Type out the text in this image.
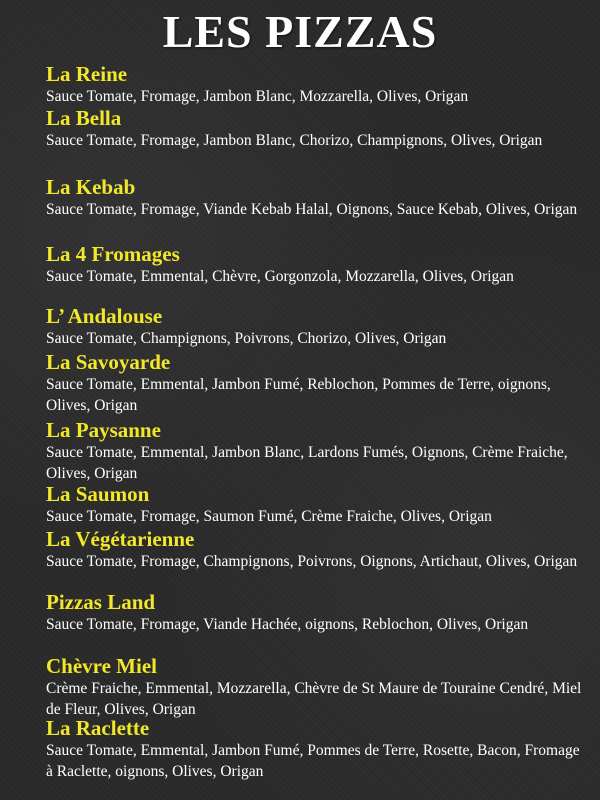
LES PIZZAS
La Reine
Sauce Tomate, Fromage, Jambon Blanc, Mozzarella, Olives, Origan
La Bella
Sauce Tomate, Fromage, Jambon Blanc, Chorizo, Champignons, Olives, Origan
La Kebab
Sauce Tomate, Fromage, Viande Kebab Halal, Oignons, Sauce Kebab, Olives, Origan
La 4 Fromages
Sauce Tomate, Emmental, Chèvre, Gorgonzola, Mozzarella, Olives, Origan
L’ Andalouse
Sauce Tomate, Champignons, Poivrons, Chorizo, Olives, Origan
La Savoyarde
Sauce Tomate, Emmental, Jambon Fumé, Reblochon, Pommes de Terre, oignons, Olives, Origan
La Paysanne
Sauce Tomate, Emmental, Jambon Blanc, Lardons Fumés, Oignons, Crème Fraiche, Olives, Origan
La Saumon
Sauce Tomate, Fromage, Saumon Fumé, Crème Fraiche, Olives, Origan
La Végétarienne
Sauce Tomate, Fromage, Champignons, Poivrons, Oignons, Artichaut, Olives, Origan
Pizzas Land
Sauce Tomate, Fromage, Viande Hachée, oignons, Reblochon, Olives, Origan
Chèvre Miel
Crème Fraiche, Emmental, Mozzarella, Chèvre de St Maure de Touraine Cendré, Miel de Fleur, Olives, Origan
La Raclette
Sauce Tomate, Emmental, Jambon Fumé, Pommes de Terre, Rosette, Bacon, Fromage à Raclette, oignons, Olives, Origan
